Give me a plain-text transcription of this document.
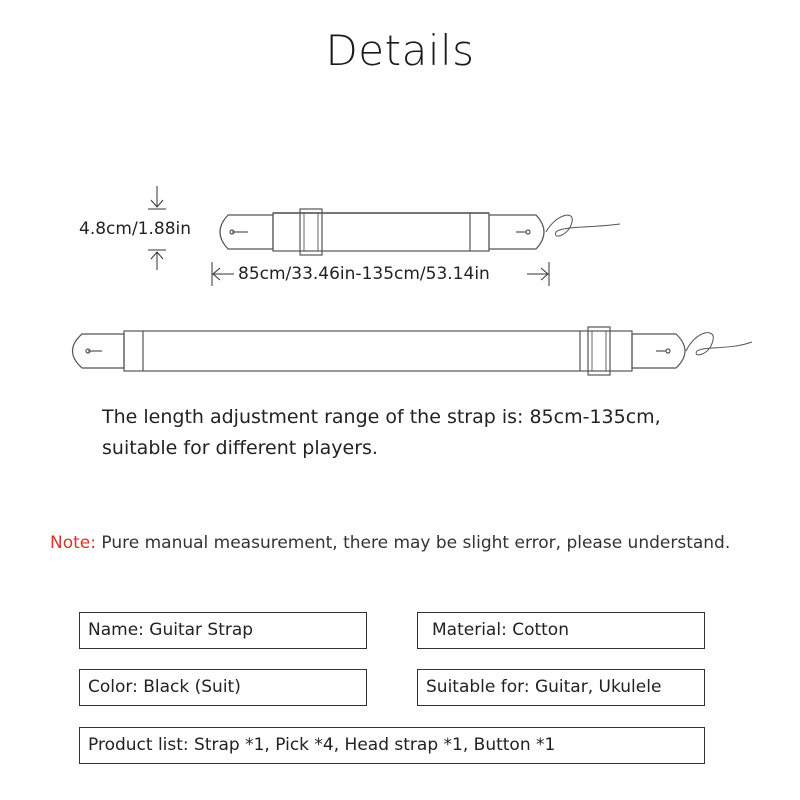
Details
4.8cm/1.88in
85cm/33.46in-135cm/53.14in
The length adjustment range of the strap is: 85cm-135cm,
suitable for different players.
Note: Pure manual measurement, there may be slight error, please understand.
Name: Guitar Strap	Material: Cotton
Color: Black (Suit)	Suitable for: Guitar, Ukulele
Product list: Strap *1, Pick *4, Head strap *1, Button *1
